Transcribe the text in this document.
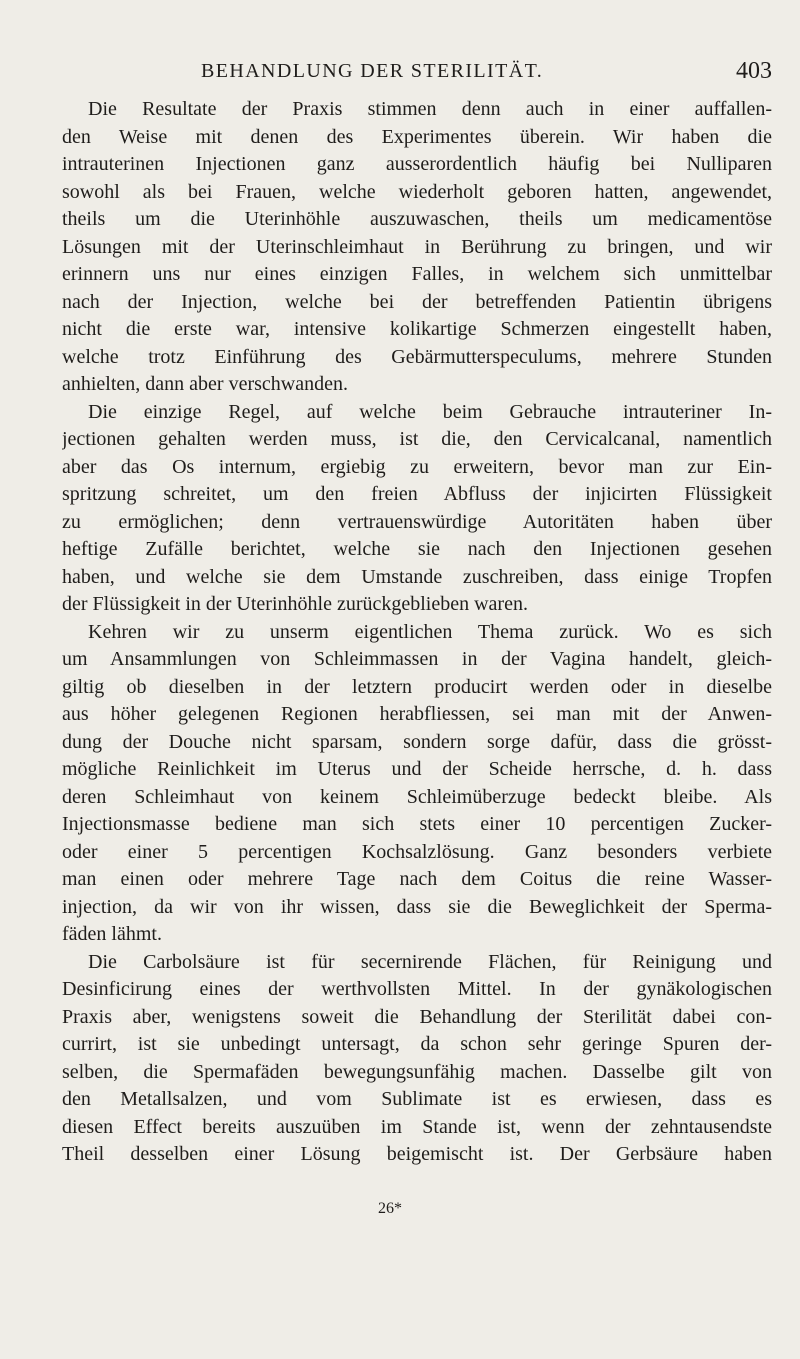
BEHANDLUNG DER STERILITÄT.	403
Die Resultate der Praxis stimmen denn auch in einer auffallen-
den Weise mit denen des Experimentes überein. Wir haben die
intrauterinen Injectionen ganz ausserordentlich häufig bei Nulliparen
sowohl als bei Frauen, welche wiederholt geboren hatten, angewendet,
theils um die Uterinhöhle auszuwaschen, theils um medicamentöse
Lösungen mit der Uterinschleimhaut in Berührung zu bringen, und wir
erinnern uns nur eines einzigen Falles, in welchem sich unmittelbar
nach der Injection, welche bei der betreffenden Patientin übrigens
nicht die erste war, intensive kolikartige Schmerzen eingestellt haben,
welche trotz Einführung des Gebärmutterspeculums, mehrere Stunden
anhielten, dann aber verschwanden.
Die einzige Regel, auf welche beim Gebrauche intrauteriner In-
jectionen gehalten werden muss, ist die, den Cervicalcanal, namentlich
aber das Os internum, ergiebig zu erweitern, bevor man zur Ein-
spritzung schreitet, um den freien Abfluss der injicirten Flüssigkeit
zu ermöglichen; denn vertrauenswürdige Autoritäten haben über
heftige Zufälle berichtet, welche sie nach den Injectionen gesehen
haben, und welche sie dem Umstande zuschreiben, dass einige Tropfen
der Flüssigkeit in der Uterinhöhle zurückgeblieben waren.
Kehren wir zu unserm eigentlichen Thema zurück. Wo es sich
um Ansammlungen von Schleimmassen in der Vagina handelt, gleich-
giltig ob dieselben in der letztern producirt werden oder in dieselbe
aus höher gelegenen Regionen herabfliessen, sei man mit der Anwen-
dung der Douche nicht sparsam, sondern sorge dafür, dass die grösst-
mögliche Reinlichkeit im Uterus und der Scheide herrsche, d. h. dass
deren Schleimhaut von keinem Schleimüberzuge bedeckt bleibe. Als
Injectionsmasse bediene man sich stets einer 10 percentigen Zucker-
oder einer 5 percentigen Kochsalzlösung. Ganz besonders verbiete
man einen oder mehrere Tage nach dem Coitus die reine Wasser-
injection, da wir von ihr wissen, dass sie die Beweglichkeit der Sperma-
fäden lähmt.
Die Carbolsäure ist für secernirende Flächen, für Reinigung und
Desinficirung eines der werthvollsten Mittel. In der gynäkologischen
Praxis aber, wenigstens soweit die Behandlung der Sterilität dabei con-
currirt, ist sie unbedingt untersagt, da schon sehr geringe Spuren der-
selben, die Spermafäden bewegungsunfähig machen. Dasselbe gilt von
den Metallsalzen, und vom Sublimate ist es erwiesen, dass es
diesen Effect bereits auszuüben im Stande ist, wenn der zehntausendste
Theil desselben einer Lösung beigemischt ist. Der Gerbsäure haben
26*
